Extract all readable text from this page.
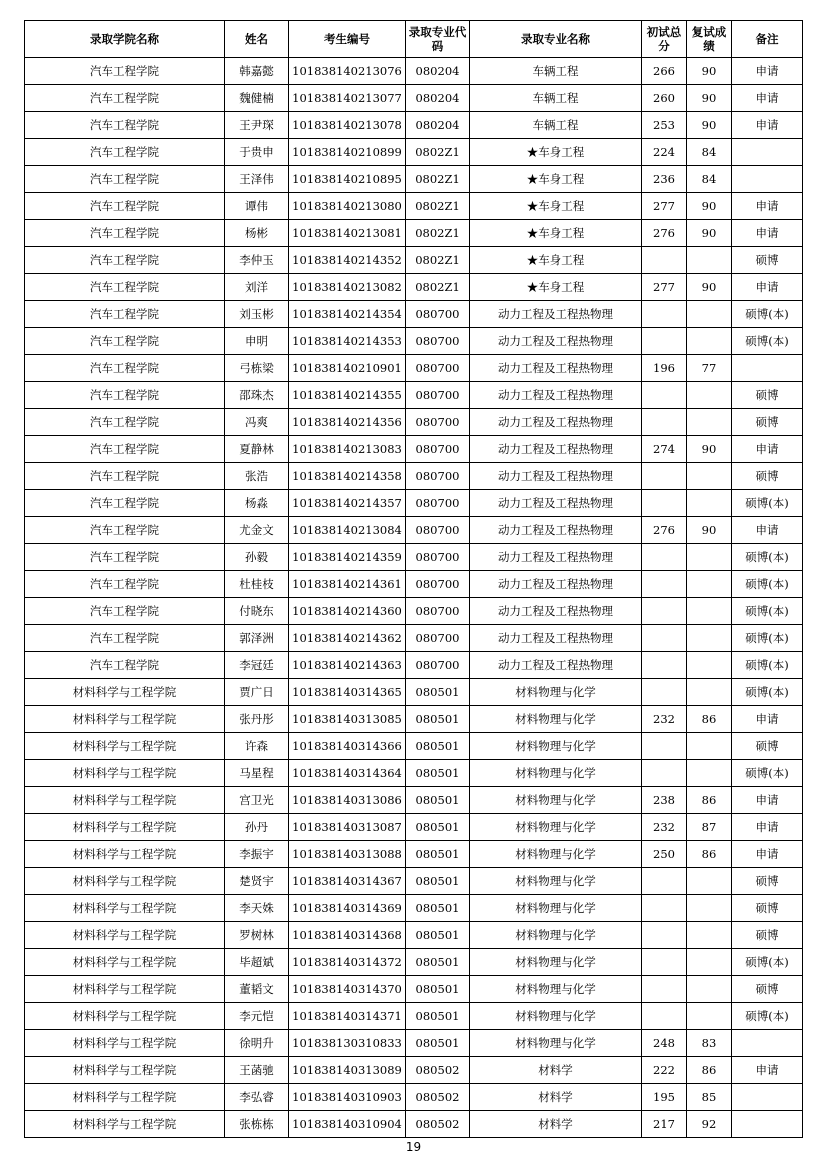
录取学院名称	姓名	考生编号	录取专业代码	录取专业名称	初试总分	复试成绩	备注
汽车工程学院	韩嘉懿	101838140213076	080204	车辆工程	266	90	申请
汽车工程学院	魏健楠	101838140213077	080204	车辆工程	260	90	申请
汽车工程学院	王尹琛	101838140213078	080204	车辆工程	253	90	申请
汽车工程学院	于贵申	101838140210899	0802Z1	★车身工程	224	84	
汽车工程学院	王泽伟	101838140210895	0802Z1	★车身工程	236	84	
汽车工程学院	谭伟	101838140213080	0802Z1	★车身工程	277	90	申请
汽车工程学院	杨彬	101838140213081	0802Z1	★车身工程	276	90	申请
汽车工程学院	李仲玉	101838140214352	0802Z1	★车身工程			硕博
汽车工程学院	刘洋	101838140213082	0802Z1	★车身工程	277	90	申请
汽车工程学院	刘玉彬	101838140214354	080700	动力工程及工程热物理			硕博(本)
汽车工程学院	申明	101838140214353	080700	动力工程及工程热物理			硕博(本)
汽车工程学院	弓栋梁	101838140210901	080700	动力工程及工程热物理	196	77	
汽车工程学院	邵珠杰	101838140214355	080700	动力工程及工程热物理			硕博
汽车工程学院	冯爽	101838140214356	080700	动力工程及工程热物理			硕博
汽车工程学院	夏静林	101838140213083	080700	动力工程及工程热物理	274	90	申请
汽车工程学院	张浩	101838140214358	080700	动力工程及工程热物理			硕博
汽车工程学院	杨淼	101838140214357	080700	动力工程及工程热物理			硕博(本)
汽车工程学院	尤金文	101838140213084	080700	动力工程及工程热物理	276	90	申请
汽车工程学院	孙毅	101838140214359	080700	动力工程及工程热物理			硕博(本)
汽车工程学院	杜桂枝	101838140214361	080700	动力工程及工程热物理			硕博(本)
汽车工程学院	付晓东	101838140214360	080700	动力工程及工程热物理			硕博(本)
汽车工程学院	郭泽洲	101838140214362	080700	动力工程及工程热物理			硕博(本)
汽车工程学院	李冠廷	101838140214363	080700	动力工程及工程热物理			硕博(本)
材料科学与工程学院	贾广日	101838140314365	080501	材料物理与化学			硕博(本)
材料科学与工程学院	张丹彤	101838140313085	080501	材料物理与化学	232	86	申请
材料科学与工程学院	许森	101838140314366	080501	材料物理与化学			硕博
材料科学与工程学院	马星程	101838140314364	080501	材料物理与化学			硕博(本)
材料科学与工程学院	宫卫光	101838140313086	080501	材料物理与化学	238	86	申请
材料科学与工程学院	孙丹	101838140313087	080501	材料物理与化学	232	87	申请
材料科学与工程学院	李振宇	101838140313088	080501	材料物理与化学	250	86	申请
材料科学与工程学院	楚贤宇	101838140314367	080501	材料物理与化学			硕博
材料科学与工程学院	李天姝	101838140314369	080501	材料物理与化学			硕博
材料科学与工程学院	罗树林	101838140314368	080501	材料物理与化学			硕博
材料科学与工程学院	毕超斌	101838140314372	080501	材料物理与化学			硕博(本)
材料科学与工程学院	董韬文	101838140314370	080501	材料物理与化学			硕博
材料科学与工程学院	李元恺	101838140314371	080501	材料物理与化学			硕博(本)
材料科学与工程学院	徐明升	101838130310833	080501	材料物理与化学	248	83	
材料科学与工程学院	王菡驰	101838140313089	080502	材料学	222	86	申请
材料科学与工程学院	李弘睿	101838140310903	080502	材料学	195	85	
材料科学与工程学院	张栋栋	101838140310904	080502	材料学	217	92	
19
